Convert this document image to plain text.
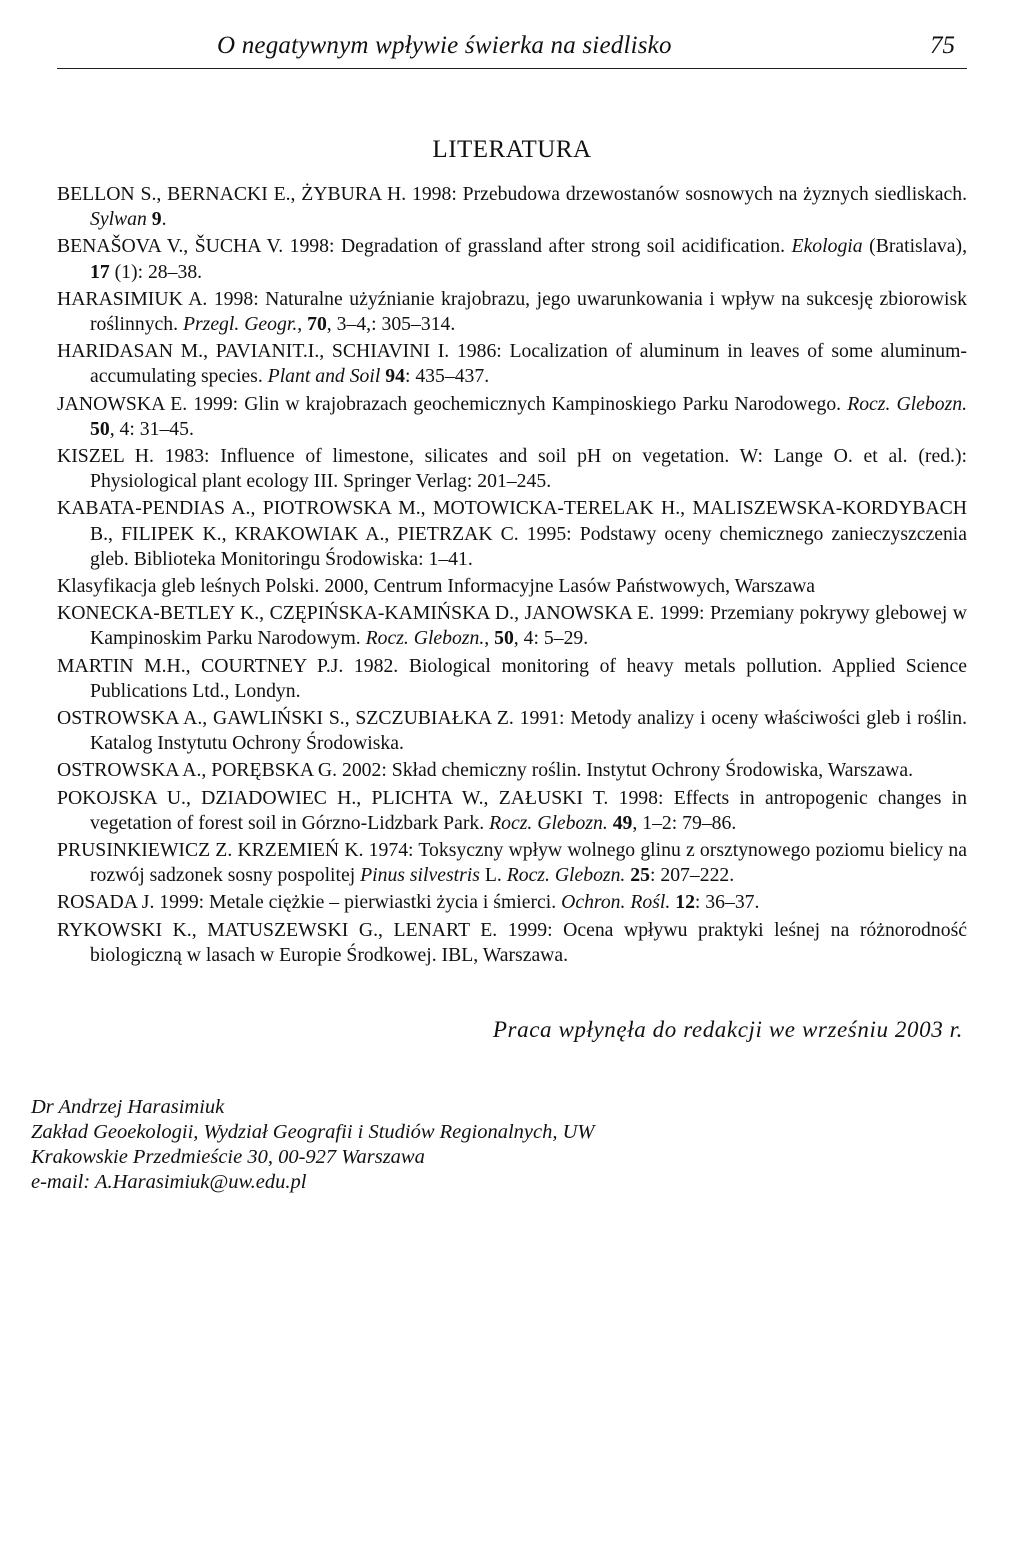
O negatywnym wpływie świerka na siedlisko	75
LITERATURA
BELLON S., BERNACKI E., ŻYBURA H. 1998: Przebudowa drzewostanów sosnowych na żyznych siedliskach. Sylwan 9.
BENAŠOVA V., ŠUCHA V. 1998: Degradation of grassland after strong soil acidification. Ekologia (Bratislava), 17 (1): 28–38.
HARASIMIUK A. 1998: Naturalne użyźnianie krajobrazu, jego uwarunkowania i wpływ na sukcesję zbiorowisk roślinnych. Przegl. Geogr., 70, 3–4,: 305–314.
HARIDASAN M., PAVIANIT.I., SCHIAVINI I. 1986: Localization of aluminum in leaves of some aluminum-accumulating species. Plant and Soil 94: 435–437.
JANOWSKA E. 1999: Glin w krajobrazach geochemicznych Kampinoskiego Parku Narodowego. Rocz. Glebozn. 50, 4: 31–45.
KISZEL H. 1983: Influence of limestone, silicates and soil pH on vegetation. W: Lange O. et al. (red.): Physiological plant ecology III. Springer Verlag: 201–245.
KABATA-PENDIAS A., PIOTROWSKA M., MOTOWICKA-TERELAK H., MALISZEWSKA-KORDYBACH B., FILIPEK K., KRAKOWIAK A., PIETRZAK C. 1995: Podstawy oceny chemicznego zanieczyszczenia gleb. Biblioteka Monitoringu Środowiska: 1–41.
Klasyfikacja gleb leśnych Polski. 2000, Centrum Informacyjne Lasów Państwowych, Warszawa
KONECKA-BETLEY K., CZĘPIŃSKA-KAMIŃSKA D., JANOWSKA E. 1999: Przemiany pokrywy glebowej w Kampinoskim Parku Narodowym. Rocz. Glebozn., 50, 4: 5–29.
MARTIN M.H., COURTNEY P.J. 1982. Biological monitoring of heavy metals pollution. Applied Science Publications Ltd., Londyn.
OSTROWSKA A., GAWLIŃSKI S., SZCZUBIAŁKA Z. 1991: Metody analizy i oceny właściwości gleb i roślin. Katalog Instytutu Ochrony Środowiska.
OSTROWSKA A., PORĘBSKA G. 2002: Skład chemiczny roślin. Instytut Ochrony Środowiska, Warszawa.
POKOJSKA U., DZIADOWIEC H., PLICHTA W., ZAŁUSKI T. 1998: Effects in antropogenic changes in vegetation of forest soil in Górzno-Lidzbark Park. Rocz. Glebozn. 49, 1–2: 79–86.
PRUSINKIEWICZ Z. KRZEMIEŃ K. 1974: Toksyczny wpływ wolnego glinu z orsztynowego poziomu bielicy na rozwój sadzonek sosny pospolitej Pinus silvestris L. Rocz. Glebozn. 25: 207–222.
ROSADA J. 1999: Metale ciężkie – pierwiastki życia i śmierci. Ochron. Rośl. 12: 36–37.
RYKOWSKI K., MATUSZEWSKI G., LENART E. 1999: Ocena wpływu praktyki leśnej na różnorodność biologiczną w lasach w Europie Środkowej. IBL, Warszawa.
Praca wpłynęła do redakcji we wrześniu 2003 r.
Dr Andrzej Harasimiuk
Zakład Geoekologii, Wydział Geografii i Studiów Regionalnych, UW
Krakowskie Przedmieście 30, 00-927 Warszawa
e-mail: A.Harasimiuk@uw.edu.pl
